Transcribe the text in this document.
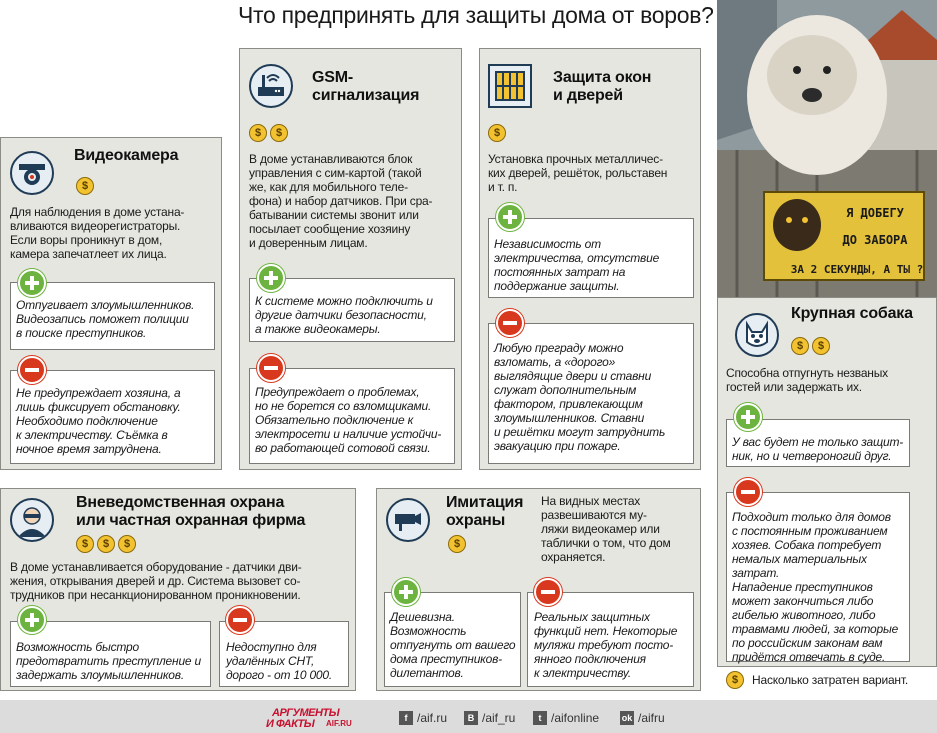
Что предпринять для защиты дома от воров?
Видеокамера
$
Для наблюдения в доме устана-
вливаются видеорегистраторы.
Если воры проникнут в дом,
камера запечатлеет их лица.
Отпугивает злоумышленников.
Видеозапись поможет полиции
в поиске преступников.
Не предупреждает хозяина, а
лишь фиксирует обстановку.
Необходимо подключение
к электричеству. Съёмка в
ночное время затруднена.
GSM-
сигнализация
$	$
В доме устанавливаются блок
управления с сим-картой (такой
же, как для мобильного теле-
фона) и набор датчиков. При сра-
батывании системы звонит или
посылает сообщение хозяину
и доверенным лицам.
К системе можно подключить и
другие датчики безопасности,
а также видеокамеры.
Предупреждает о проблемах,
но не борется со взломщиками.
Обязательно подключение к
электросети и наличие устойчи-
во работающей сотовой связи.
Защита окон
и дверей
$
Установка прочных металличес-
ких дверей, решёток, рольставен
и т. п.
Независимость от
электричества, отсутствие
постоянных затрат на
поддержание защиты.
Любую преграду можно
взломать, а «дорого»
выглядящие двери и ставни
служат дополнительным
фактором, привлекающим
злоумышленников. Ставни
и решётки могут затруднить
эвакуацию при пожаре.
Я ДОБЕГУ
ДО ЗАБОРА
ЗА 2 СЕКУНДЫ, А ТЫ ?
Крупная собака
$	$
Способна отпугнуть незваных
гостей или задержать их.
У вас будет не только защит-
ник, но и четвероногий друг.
Подходит только для домов
с постоянным проживанием
хозяев. Собака потребует
немалых материальных затрат.
Нападение преступников
может закончиться либо
гибелью животного, либо
травмами людей, за которые
по российским законам вам
придётся отвечать в суде.
Вневедомственная охрана
или частная охранная фирма
$	$	$
В доме устанавливается оборудование - датчики дви-
жения, открывания дверей и др. Система вызовет со-
трудников при несанкционированном проникновении.
Возможность быстро
предотвратить преступление и
задержать злоумышленников.
Недоступно для
удалённых СНТ,
дорого - от 10 000.
Имитация
охраны
$
На видных местах
развешиваются му-
ляжи видеокамер или
таблички о том, что дом
охраняется.
Дешевизна.
Возможность
отпугнуть от вашего
дома преступников-
дилетантов.
Реальных защитных
функций нет. Некоторые
муляжи требуют посто-
янного подключения
к электричеству.	$	Насколько затратен вариант.
АРГУМЕНТЫ
И ФАКТЫ AIF.RU
f /aif.ru	B /aif_ru	t /aifonline	ok /aifru
